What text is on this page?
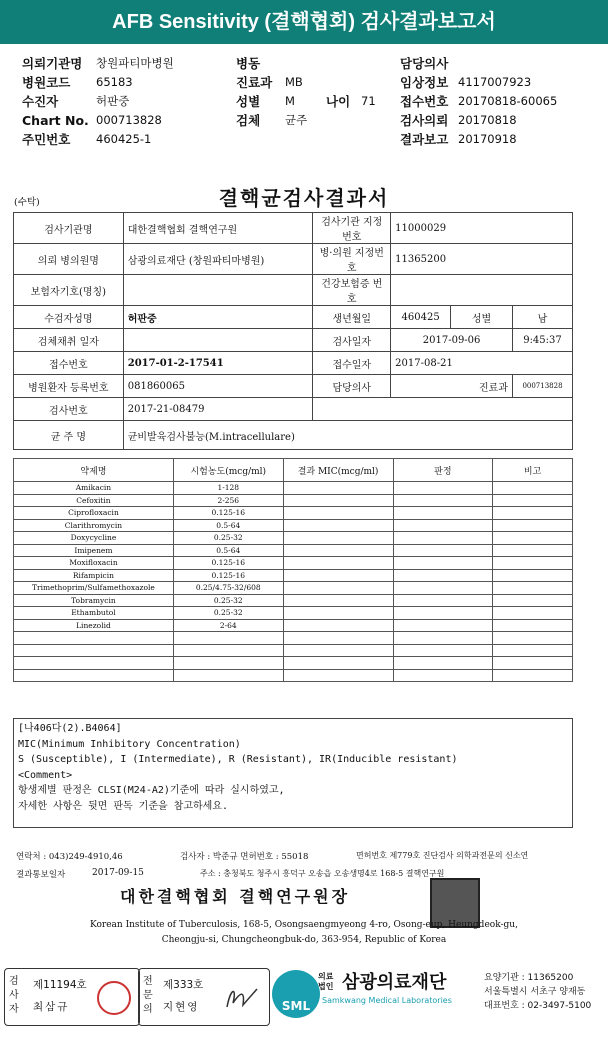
AFB Sensitivity (결핵협회) 검사결과보고서
의뢰기관명 창원파티마병원	병동	담당의사
병원코드 65183	진료과 MB	임상정보 4117007923
수진자	허판중	성별 M 나이 71 접수번호 20170818-60065
Chart No. 000713828	검체 균주	검사의뢰 20170818
주민번호 460425-1	결과보고 20170918
(수탁)	결핵균검사결과서
검사기관명	대한결핵협회 결핵연구원	검사기관 지정번호	11000029		
의뢰 병의원명	삼광의료재단 (창원파티마병원)	병·의원 지정번호	11365200		
보험자기호(명칭)		건강보험증 번호			
수검자성명	허판중	생년월일	460425	성별	남
검체채취 일자		검사일자	2017-09-06		9:45:37
접수번호	2017-01-2-17541	접수일자	2017-08-21		
병원환자 등록번호	081860065	담당의사	진료과		000713828
검사번호	2017-21-08479				
균 주 명	균비발육검사불능(M.intracellulare)				
약제명	시험농도(mcg/ml)	결과 MIC(mcg/ml)	판정	비고
Amikacin	1-128			
Cefoxitin	2-256			
Ciprofloxacin	0.125-16			
Clarithromycin	0.5-64			
Doxycycline	0.25-32			
Imipenem	0.5-64			
Moxifloxacin	0.125-16			
Rifampicin	0.125-16			
Trimethoprim/Sulfamethoxazole	0.25/4.75-32/608			
Tobramycin	0.25-32			
Ethambutol	0.25-32			
Linezolid	2-64			

[나406다(2).B4064]
MIC(Minimum Inhibitory Concentration)
S (Susceptible), I (Intermediate), R (Resistant), IR(Inducible resistant)
<Comment>
항생제별 판정은 CLSI(M24-A2)기준에 따라 실시하였고,
자세한 사항은 뒷면 판독 기준을 참고하세요.
연락처 : 043)249-4910,46	검사자 : 박준규 면허번호 : 55018	면허번호 제779호 진단검사 의학과전문의 신소연
결과통보일자	2017-09-15	주소 : 충청북도 청주시 흥덕구 오송읍 오송생명4로 168-5 결핵연구원
대한결핵협회 결핵연구원장
Korean Institute of Tuberculosis, 168-5, Osongsaengmyeong 4-ro, Osong-eup, Heungdeok-gu,
Cheongju-si, Chungcheongbuk-do, 363-954, Republic of Korea
검사자
제11194호
최삼규
전문의
제333호
지현영	SML
의료법인 삼광의료재단
Samkwang Medical Laboratories
요양기관 : 11365200
서울특별시 서초구 양재동
대표번호 : 02-3497-5100
